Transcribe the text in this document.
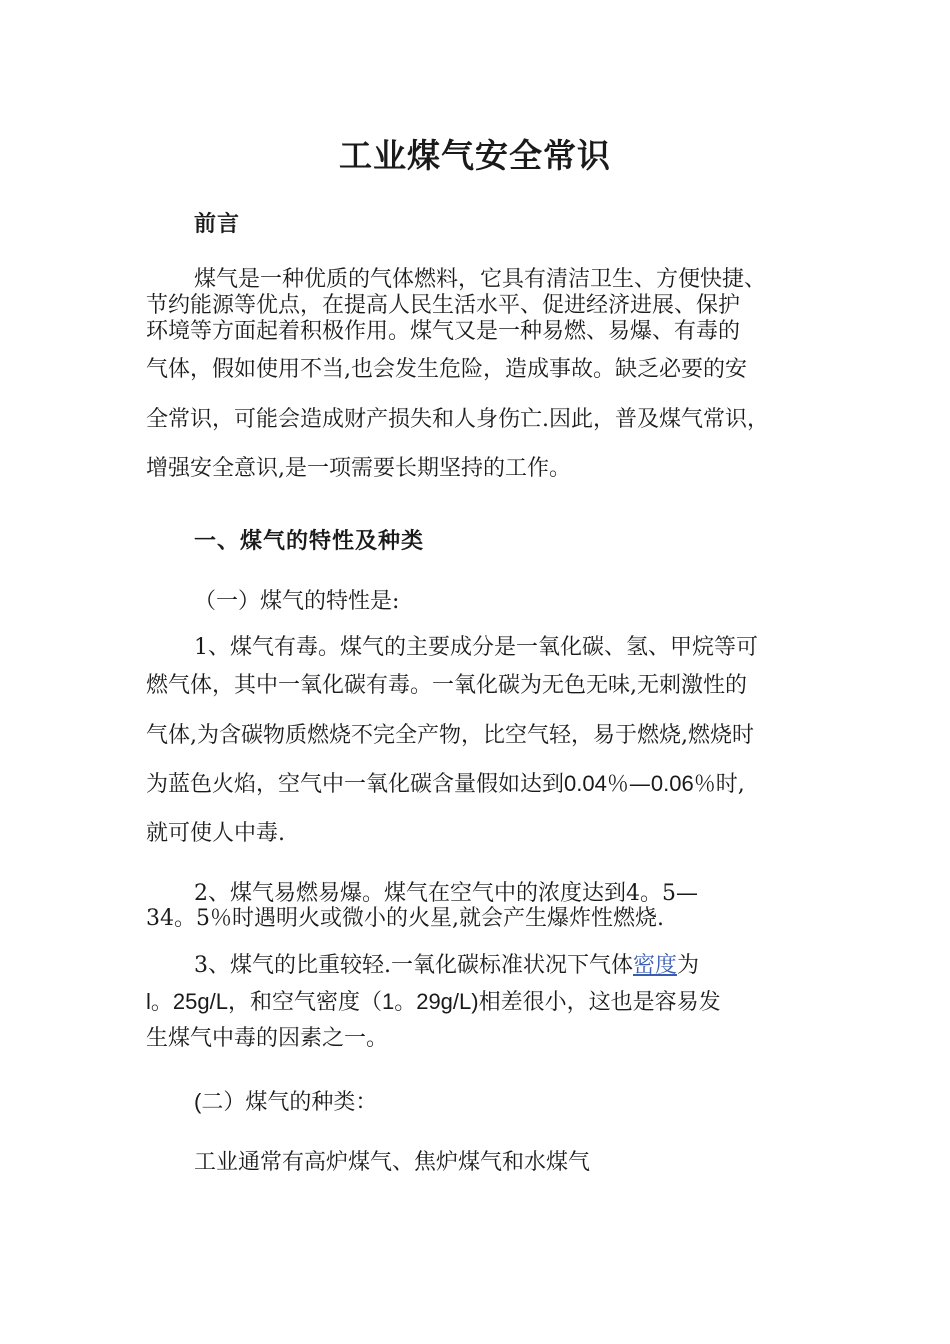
工业煤气安全常识
前言
煤气是一种优质的气体燃料，它具有清洁卫生、方便快捷、
节约能源等优点，在提高人民生活水平、促进经济进展、保护
环境等方面起着积极作用。煤气又是一种易燃、易爆、有毒的
气体，假如使用不当,也会发生危险，造成事故。缺乏必要的安
全常识，可能会造成财产损失和人身伤亡.因此，普及煤气常识，
增强安全意识,是一项需要长期坚持的工作。
一、煤气的特性及种类
（一）煤气的特性是:
1、煤气有毒。煤气的主要成分是一氧化碳、氢、甲烷等可
燃气体，其中一氧化碳有毒。一氧化碳为无色无味,无刺激性的
气体,为含碳物质燃烧不完全产物，比空气轻，易于燃烧,燃烧时
为蓝色火焰，空气中一氧化碳含量假如达到0.04％—0.06％时,
就可使人中毒.
2、煤气易燃易爆。煤气在空气中的浓度达到4。5—
34。5％时遇明火或微小的火星,就会产生爆炸性燃烧.
3、煤气的比重较轻.一氧化碳标准状况下气体密度为
l。25g/L，和空气密度（1。29g/L)相差很小，这也是容易发
生煤气中毒的因素之一。
(二）煤气的种类：
工业通常有高炉煤气、焦炉煤气和水煤气
